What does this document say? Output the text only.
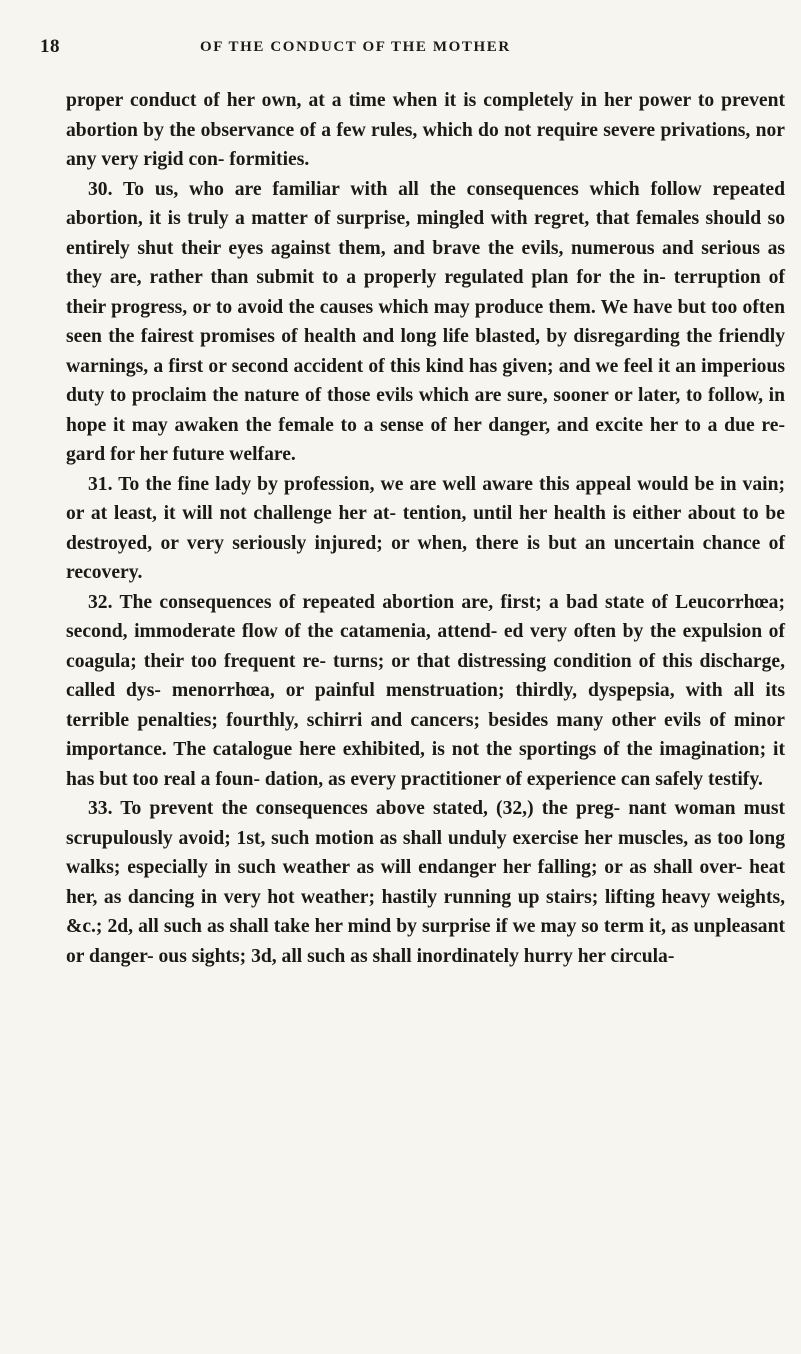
18	OF THE CONDUCT OF THE MOTHER

proper conduct of her own, at a time when it is completely in her power to prevent abortion by the observance of a few rules, which do not require severe privations, nor any very rigid con- formities.

30. To us, who are familiar with all the consequences which follow repeated abortion, it is truly a matter of surprise, mingled with regret, that females should so entirely shut their eyes against them, and brave the evils, numerous and serious as they are, rather than submit to a properly regulated plan for the in- terruption of their progress, or to avoid the causes which may produce them. We have but too often seen the fairest promises of health and long life blasted, by disregarding the friendly warnings, a first or second accident of this kind has given; and we feel it an imperious duty to proclaim the nature of those evils which are sure, sooner or later, to follow, in hope it may awaken the female to a sense of her danger, and excite her to a due re- gard for her future welfare.

31. To the fine lady by profession, we are well aware this appeal would be in vain; or at least, it will not challenge her at- tention, until her health is either about to be destroyed, or very seriously injured; or when, there is but an uncertain chance of recovery.

32. The consequences of repeated abortion are, first; a bad state of Leucorrhœa; second, immoderate flow of the catamenia, attend- ed very often by the expulsion of coagula; their too frequent re- turns; or that distressing condition of this discharge, called dys- menorrhœa, or painful menstruation; thirdly, dyspepsia, with all its terrible penalties; fourthly, schirri and cancers; besides many other evils of minor importance. The catalogue here exhibited, is not the sportings of the imagination; it has but too real a foun- dation, as every practitioner of experience can safely testify.

33. To prevent the consequences above stated, (32,) the preg- nant woman must scrupulously avoid; 1st, such motion as shall unduly exercise her muscles, as too long walks; especially in such weather as will endanger her falling; or as shall over- heat her, as dancing in very hot weather; hastily running up stairs; lifting heavy weights, &c.; 2d, all such as shall take her mind by surprise if we may so term it, as unpleasant or danger- ous sights; 3d, all such as shall inordinately hurry her circula-
